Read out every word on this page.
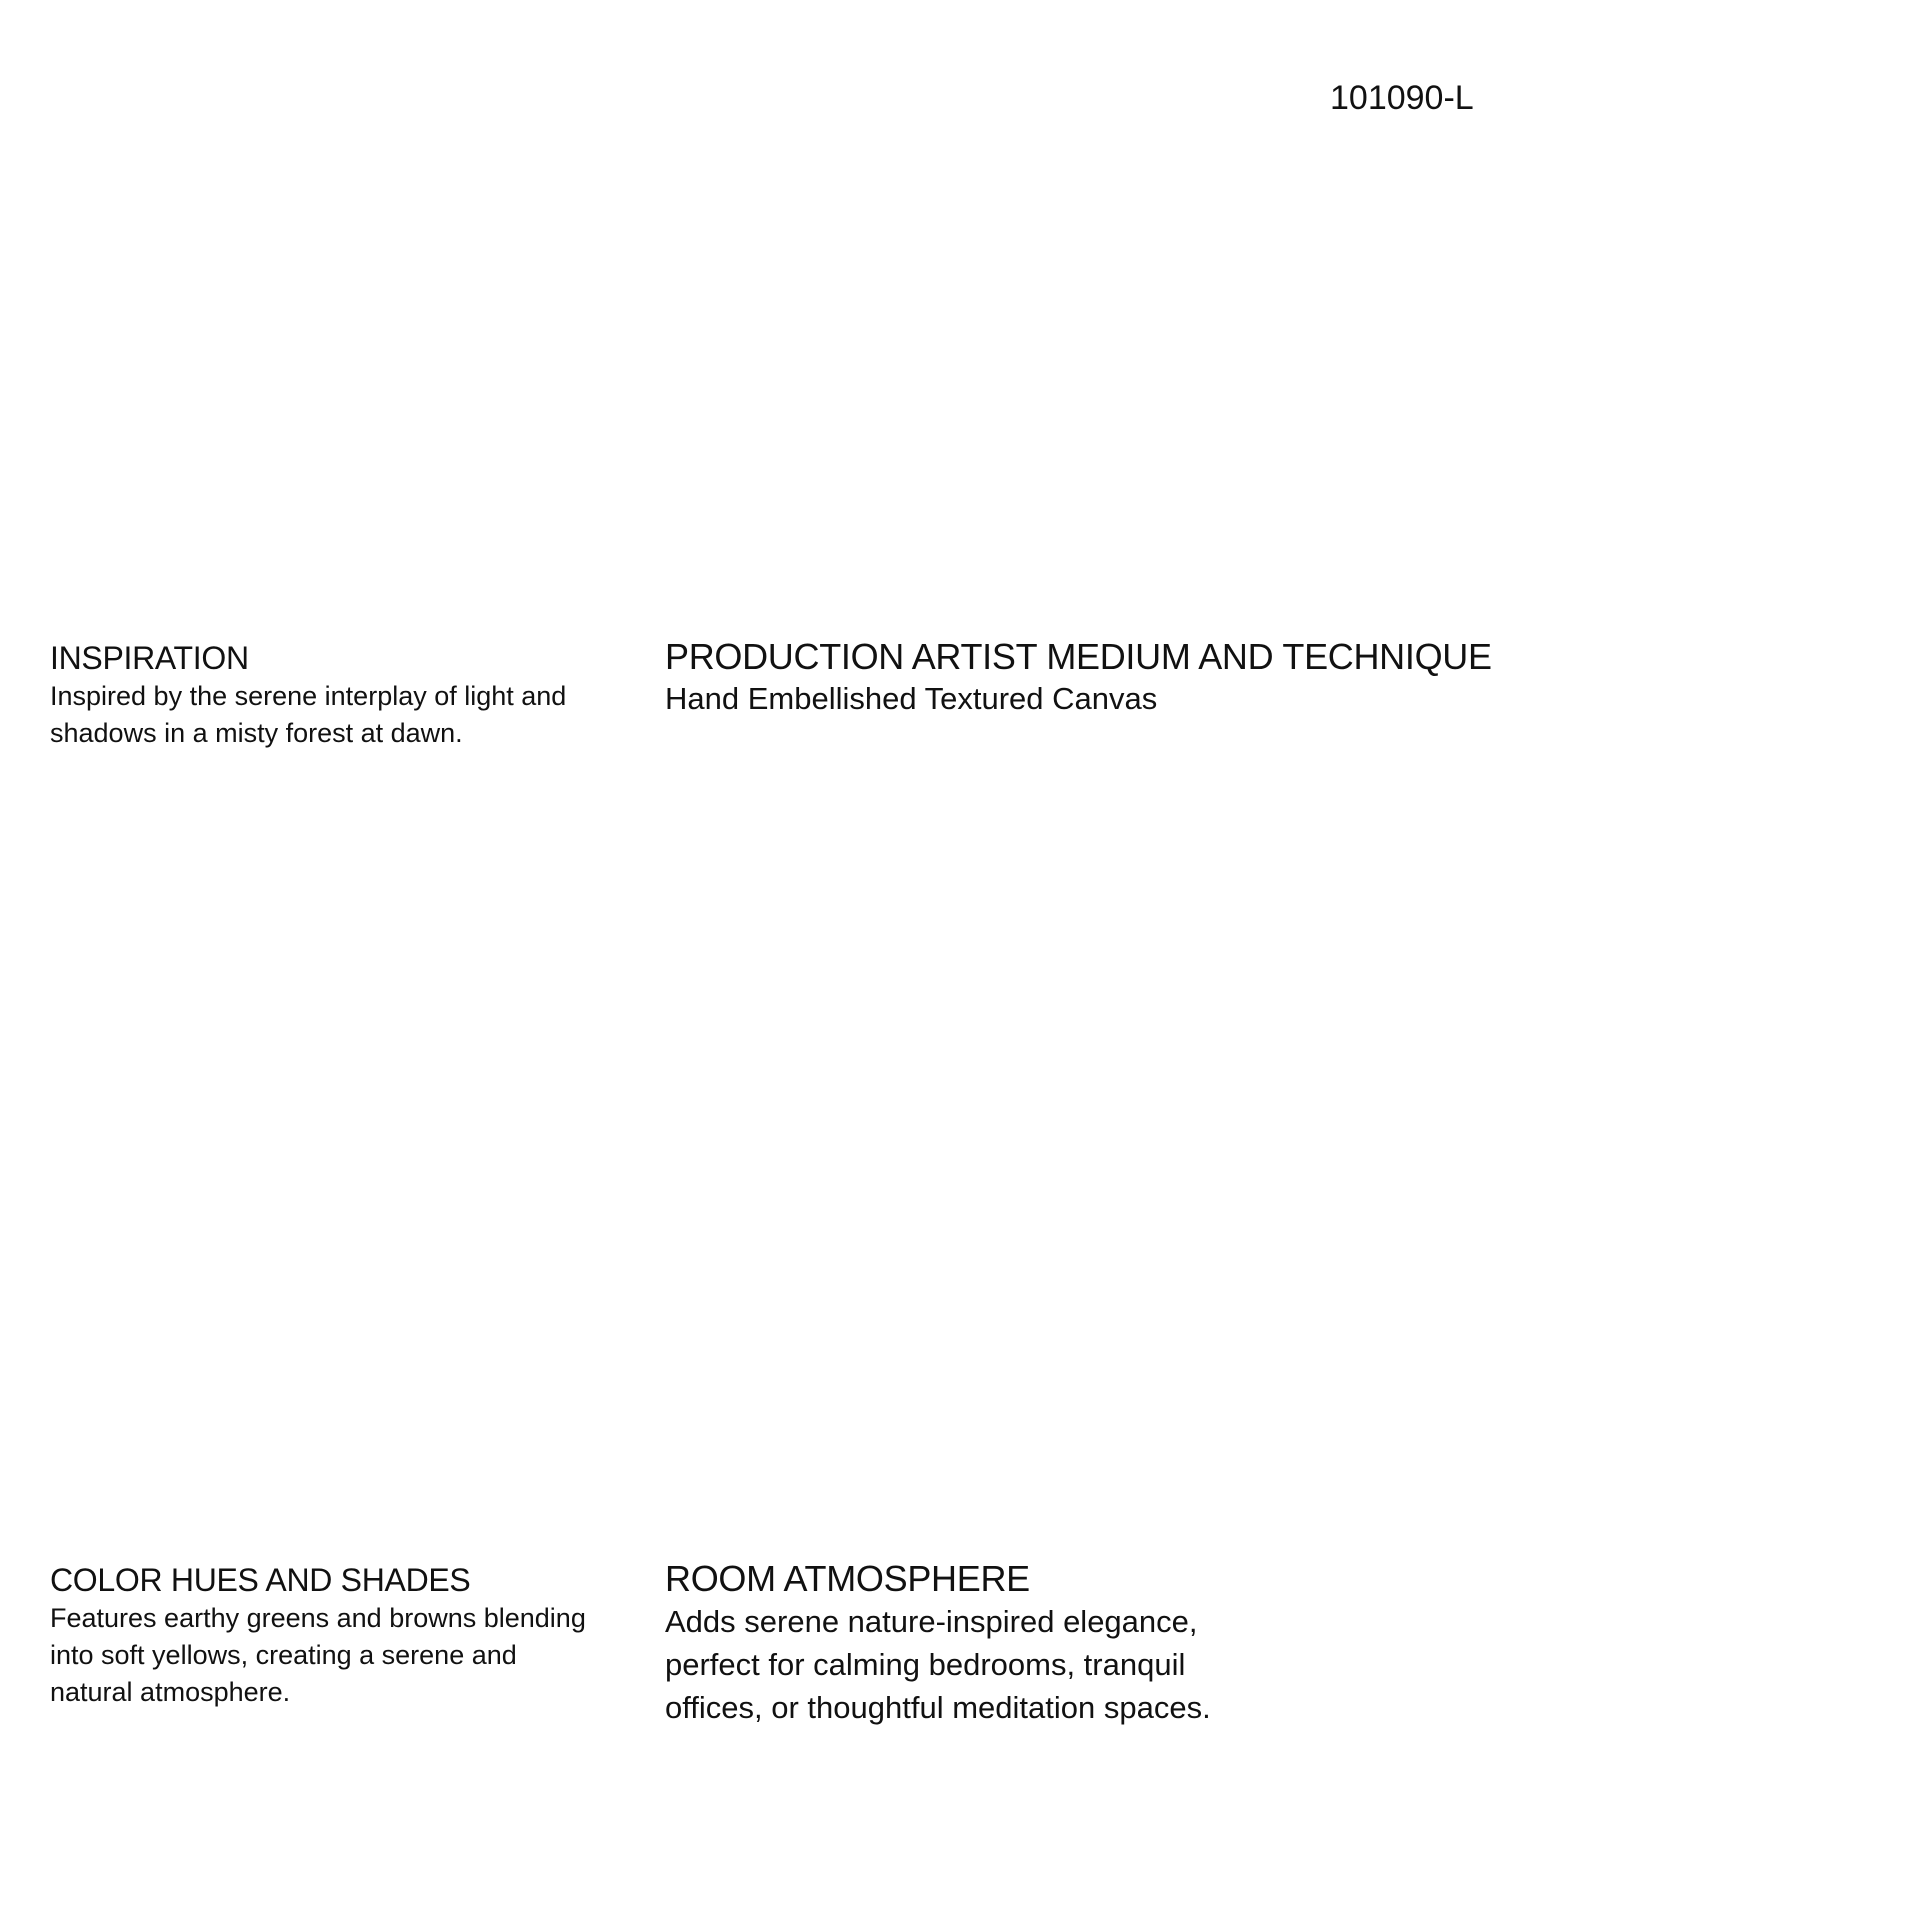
101090-L
INSPIRATION
Inspired by the serene interplay of light and
shadows in a misty forest at dawn.
PRODUCTION ARTIST MEDIUM AND TECHNIQUE
Hand Embellished Textured Canvas
COLOR HUES AND SHADES
Features earthy greens and browns blending
into soft yellows, creating a serene and
natural atmosphere.
ROOM ATMOSPHERE
Adds serene nature-inspired elegance,
perfect for calming bedrooms, tranquil
offices, or thoughtful meditation spaces.
